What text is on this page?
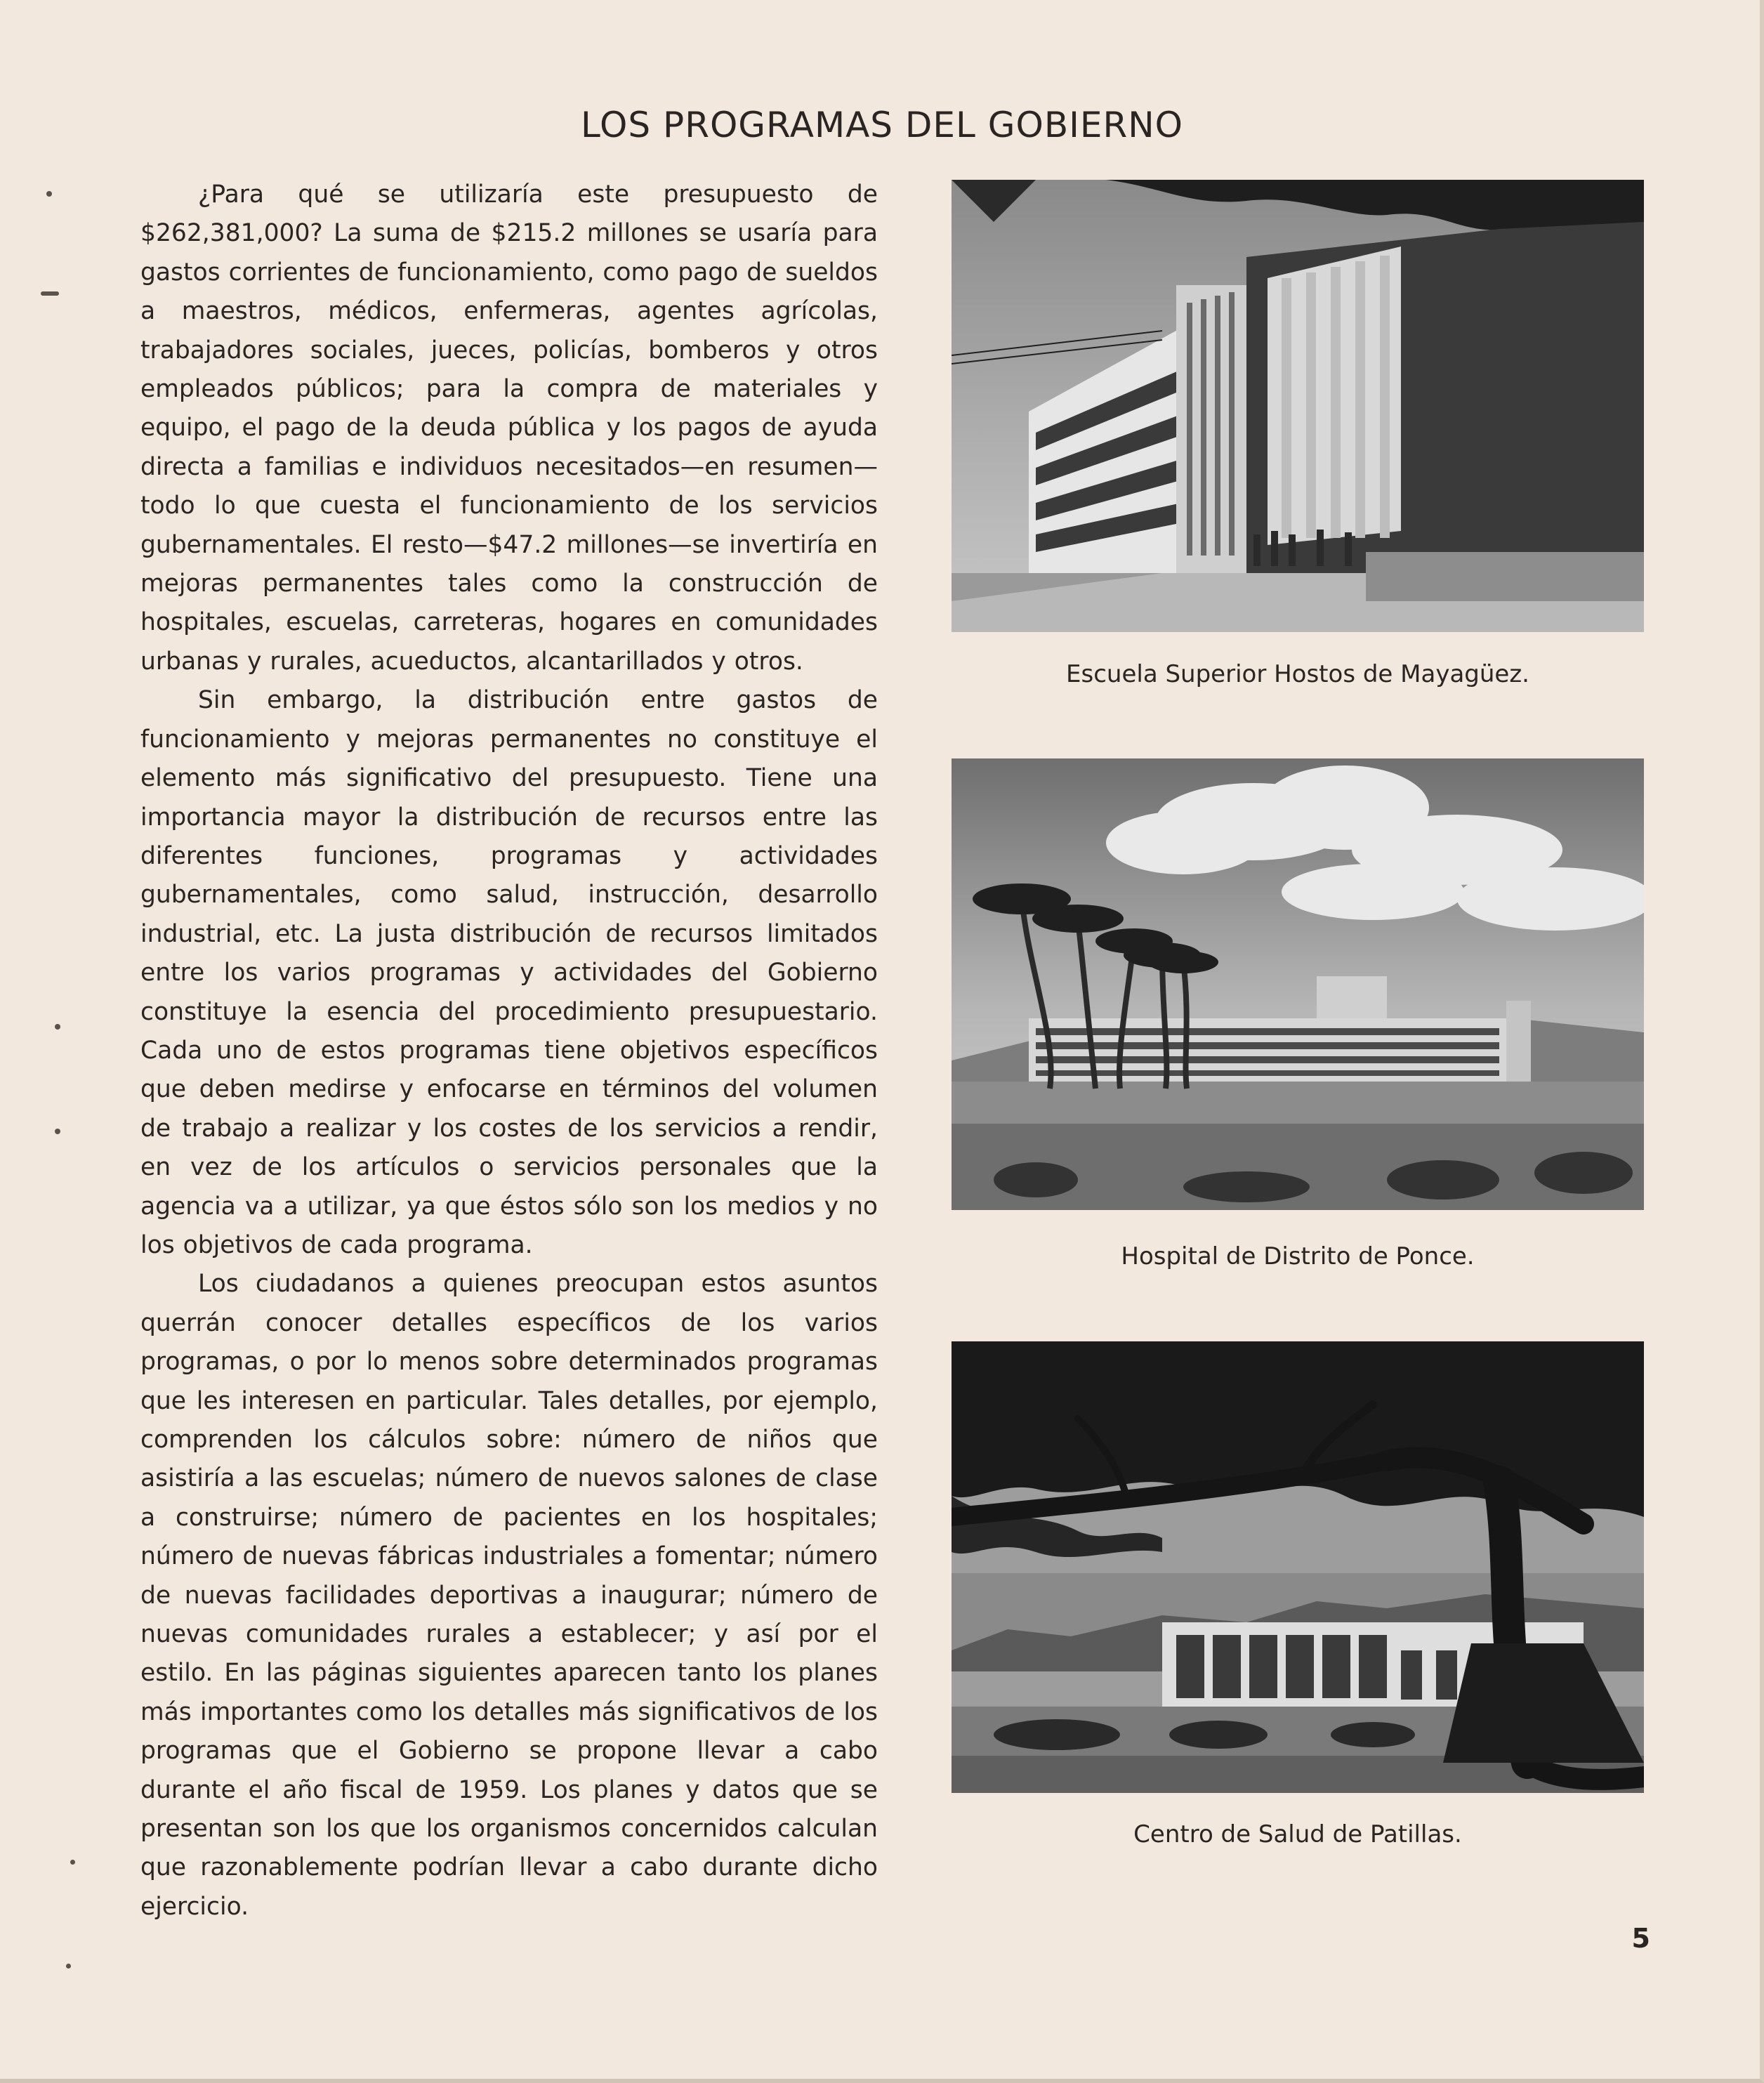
LOS PROGRAMAS DEL GOBIERNO

¿Para qué se utilizaría este presupuesto de $262,381,000? La suma de $215.2 millones se usaría para gastos corrientes de funcionamiento, como pago de sueldos a maestros, médicos, enfermeras, agentes agrícolas, trabajadores sociales, jueces, policías, bomberos y otros empleados públicos; para la compra de materiales y equipo, el pago de la deuda pública y los pagos de ayuda directa a familias e individuos necesitados—en resumen—todo lo que cuesta el funcionamiento de los servicios gubernamentales. El resto—$47.2 millones—se invertiría en mejoras permanentes tales como la construcción de hospitales, escuelas, carreteras, hogares en comunidades urbanas y rurales, acueductos, alcantarillados y otros.

Sin embargo, la distribución entre gastos de funcionamiento y mejoras permanentes no constituye el elemento más significativo del presupuesto. Tiene una importancia mayor la distribución de recursos entre las diferentes funciones, programas y actividades gubernamentales, como salud, instrucción, desarrollo industrial, etc. La justa distribución de recursos limitados entre los varios programas y actividades del Gobierno constituye la esencia del procedimiento presupuestario. Cada uno de estos programas tiene objetivos específicos que deben medirse y enfocarse en términos del volumen de trabajo a realizar y los costes de los servicios a rendir, en vez de los artículos o servicios personales que la agencia va a utilizar, ya que éstos sólo son los medios y no los objetivos de cada programa.

Los ciudadanos a quienes preocupan estos asuntos querrán conocer detalles específicos de los varios programas, o por lo menos sobre determinados programas que les interesen en particular. Tales detalles, por ejemplo, comprenden los cálculos sobre: número de niños que asistiría a las escuelas; número de nuevos salones de clase a construirse; número de pacientes en los hospitales; número de nuevas fábricas industriales a fomentar; número de nuevas facilidades deportivas a inaugurar; número de nuevas comunidades rurales a establecer; y así por el estilo. En las páginas siguientes aparecen tanto los planes más importantes como los detalles más significativos de los programas que el Gobierno se propone llevar a cabo durante el año fiscal de 1959. Los planes y datos que se presentan son los que los organismos concernidos calculan que razonablemente podrían llevar a cabo durante dicho ejercicio.

Escuela Superior Hostos de Mayagüez.
Hospital de Distrito de Ponce.
Centro de Salud de Patillas.
5
